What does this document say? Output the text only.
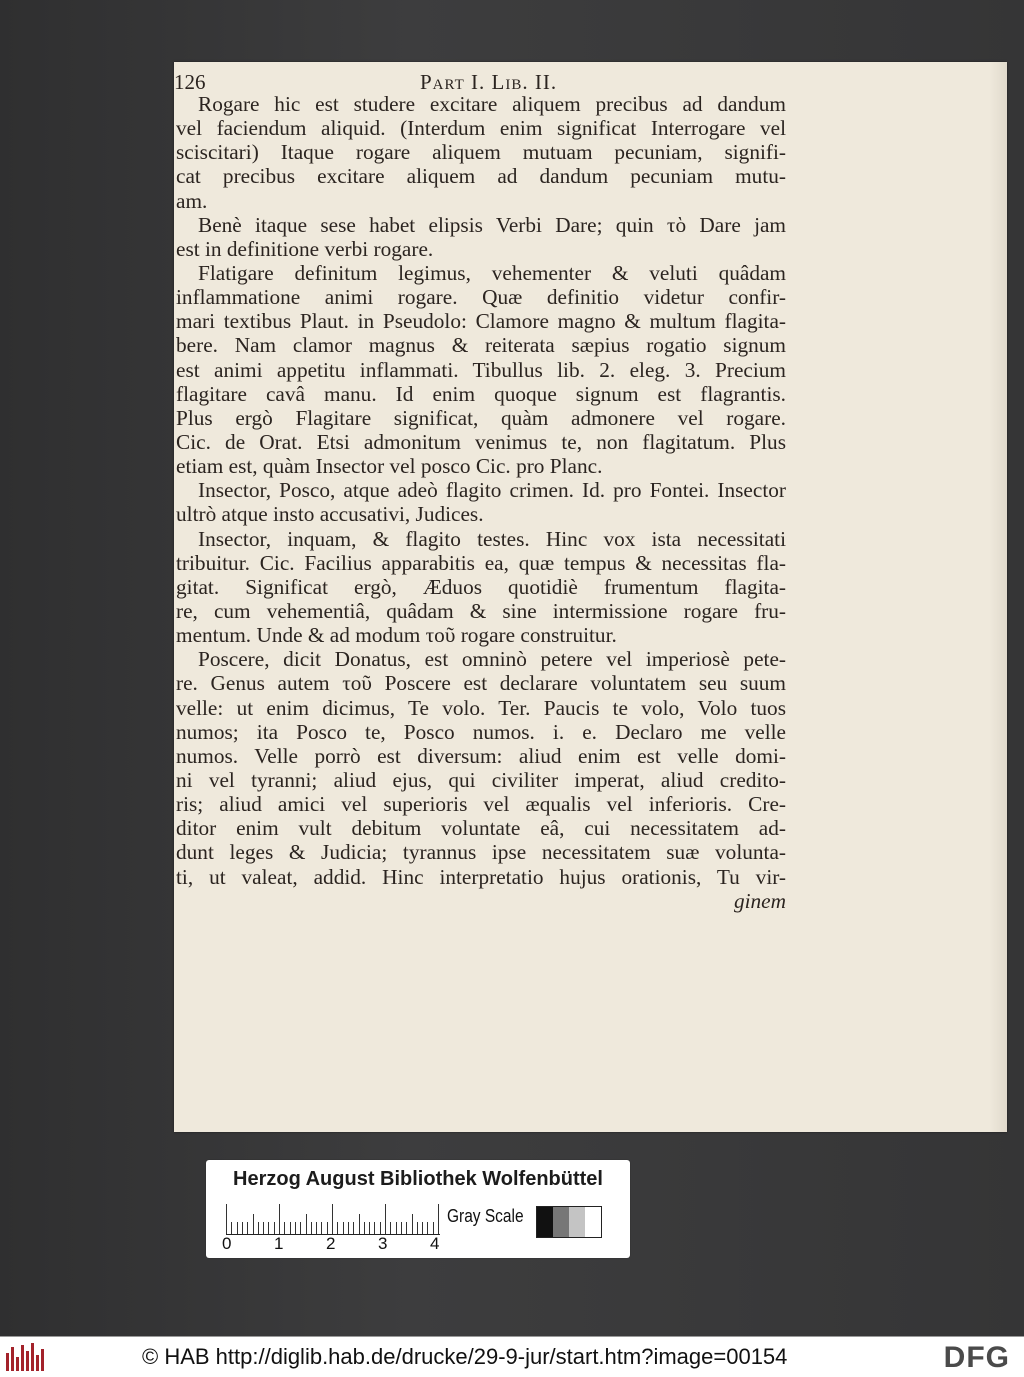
126	Part I. Lib. II.
Rogare hic est studere excitare aliquem precibus ad dandum
vel faciendum aliquid. (Interdum enim significat Interrogare vel
sciscitari) Itaque rogare aliquem mutuam pecuniam, signifi-
cat precibus excitare aliquem ad dandum pecuniam mutu-
am.
Benè itaque sese habet elipsis Verbi Dare; quin τὸ Dare jam
est in definitione verbi rogare.
Flatigare definitum legimus, vehementer & veluti quâdam
inflammatione animi rogare. Quæ definitio videtur confir-
mari textibus Plaut. in Pseudolo: Clamore magno & multum flagita-
bere. Nam clamor magnus & reiterata sæpius rogatio signum
est animi appetitu inflammati. Tibullus lib. 2. eleg. 3. Precium
flagitare cavâ manu. Id enim quoque signum est flagrantis.
Plus ergò Flagitare significat, quàm admonere vel rogare.
Cic. de Orat. Etsi admonitum venimus te, non flagitatum. Plus
etiam est, quàm Insector vel posco Cic. pro Planc.
Insector, Posco, atque adeò flagito crimen. Id. pro Fontei. Insector
ultrò atque insto accusativi, Judices.
Insector, inquam, & flagito testes. Hinc vox ista necessitati
tribuitur. Cic. Facilius apparabitis ea, quæ tempus & necessitas fla-
gitat. Significat ergò, Æduos quotidiè frumentum flagita-
re, cum vehementiâ, quâdam & sine intermissione rogare fru-
mentum. Unde & ad modum τοῦ rogare construitur.
Poscere, dicit Donatus, est omninò petere vel imperiosè pete-
re. Genus autem τοῦ Poscere est declarare voluntatem seu suum
velle: ut enim dicimus, Te volo. Ter. Paucis te volo, Volo tuos
numos; ita Posco te, Posco numos. i. e. Declaro me velle
numos. Velle porrò est diversum: aliud enim est velle domi-
ni vel tyranni; aliud ejus, qui civiliter imperat, aliud credito-
ris; aliud amici vel superioris vel æqualis vel inferioris. Cre-
ditor enim vult debitum voluntate eâ, cui necessitatem ad-
dunt leges & Judicia; tyrannus ipse necessitatem suæ volunta-
ti, ut valeat, addid. Hinc interpretatio hujus orationis, Tu vir-
ginem
Herzog August Bibliothek Wolfenbüttel
0	1	2	3	4
Gray Scale
© HAB http://diglib.hab.de/drucke/29-9-jur/start.htm?image=00154	DFG
